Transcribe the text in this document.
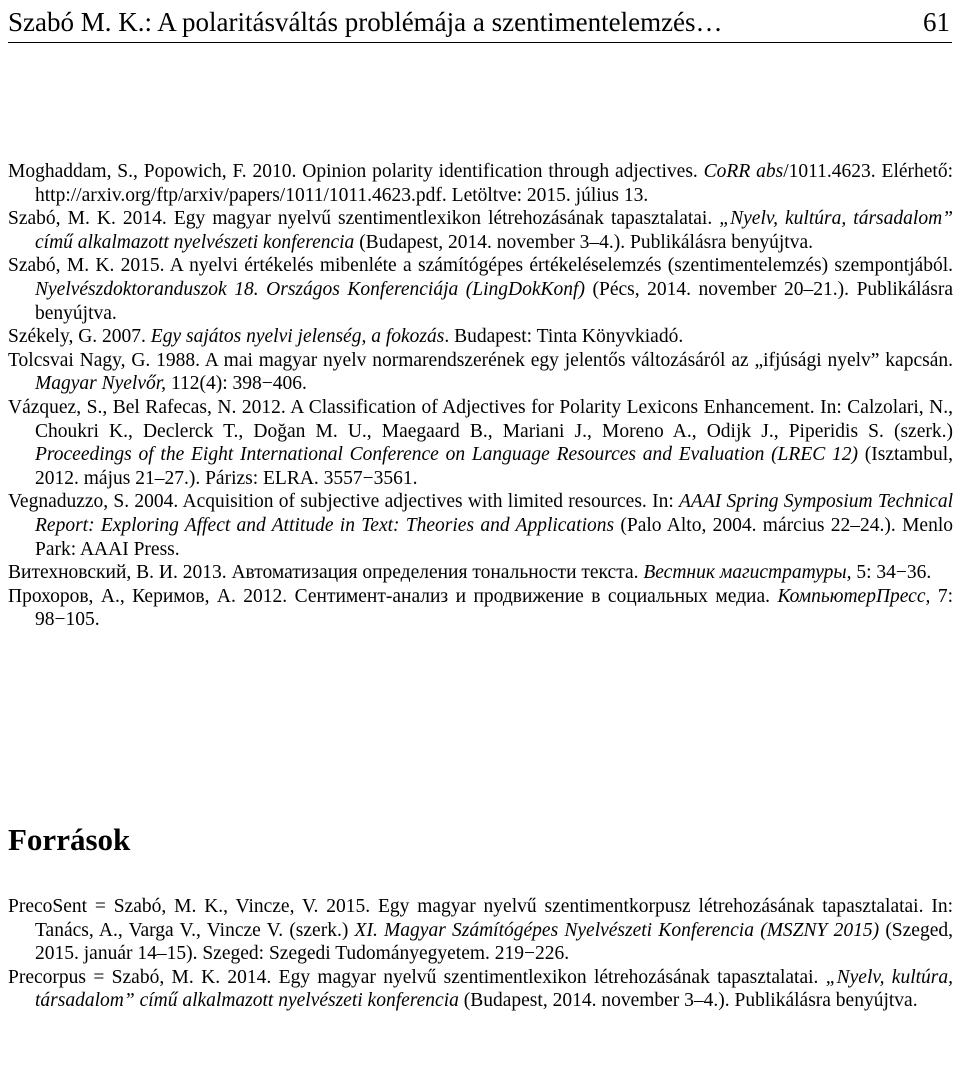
Szabó M. K.: A polaritásváltás problémája a szentimentelemzés…	61

Moghaddam, S., Popowich, F. 2010. Opinion polarity identification through adjectives. CoRR abs/1011.4623. Elérhető: http://arxiv.org/ftp/arxiv/papers/1011/1011.4623.pdf. Letöltve: 2015. július 13.

Szabó, M. K. 2014. Egy magyar nyelvű szentimentlexikon létrehozásának tapasztalatai. „Nyelv, kultúra, társadalom” című alkalmazott nyelvészeti konferencia (Budapest, 2014. november 3‒4.). Publikálásra benyújtva.

Szabó, M. K. 2015. A nyelvi értékelés mibenléte a számítógépes értékeléselemzés (szentimentelemzés) szempontjából. Nyelvészdoktoranduszok 18. Országos Konferenciája (LingDokKonf) (Pécs, 2014. november 20‒21.). Publikálásra benyújtva.

Székely, G. 2007. Egy sajátos nyelvi jelenség, a fokozás. Budapest: Tinta Könyvkiadó.

Tolcsvai Nagy, G. 1988. A mai magyar nyelv normarendszerének egy jelentős változásáról az „ifjúsági nyelv” kapcsán. Magyar Nyelvőr, 112(4): 398−406.

Vázquez, S., Bel Rafecas, N. 2012. A Classification of Adjectives for Polarity Lexicons Enhancement. In: Calzolari, N., Choukri K., Declerck T., Doğan M. U., Maegaard B., Mariani J., Moreno A., Odijk J., Piperidis S. (szerk.) Proceedings of the Eight International Conference on Language Resources and Evaluation (LREC 12) (Isztambul, 2012. május 21‒27.). Párizs: ELRA. 3557−3561.

Vegnaduzzo, S. 2004. Acquisition of subjective adjectives with limited resources. In: AAAI Spring Symposium Technical Report: Exploring Affect and Attitude in Text: Theories and Applications (Palo Alto, 2004. március 22‒24.). Menlo Park: AAAI Press.

Витехновский, В. И. 2013. Автоматизация определения тональности текста. Вестник магистратуры, 5: 34−36.

Прохоров, А., Керимов, А. 2012. Сентимент-анализ и продвижение в социальных медиа. КомпьютерПресс, 7: 98−105.

Források

PrecoSent = Szabó, M. K., Vincze, V. 2015. Egy magyar nyelvű szentimentkorpusz létrehozásának tapasztalatai. In: Tanács, A., Varga V., Vincze V. (szerk.) XI. Magyar Számítógépes Nyelvészeti Konferencia (MSZNY 2015) (Szeged, 2015. január 14‒15). Szeged: Szegedi Tudományegyetem. 219−226.

Precorpus = Szabó, M. K. 2014. Egy magyar nyelvű szentimentlexikon létrehozásának tapasztalatai. „Nyelv, kultúra, társadalom” című alkalmazott nyelvészeti konferencia (Budapest, 2014. november 3‒4.). Publikálásra benyújtva.
